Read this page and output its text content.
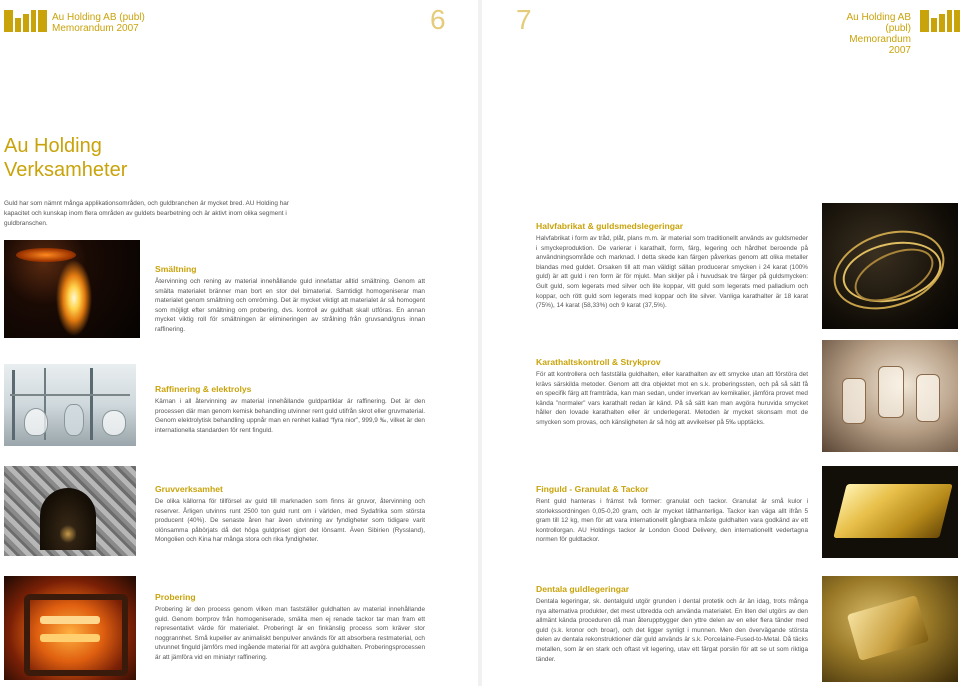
Au Holding AB (publ)
Memorandum 2007	6
Au Holding
Verksamheter
Guld har som nämnt många applikationsområden, och guldbranchen är mycket bred. AU Holding har kapacitet och kunskap inom flera områden av guldets bearbetning och är aktivt inom olika segment i guldbranschen.
Smältning

Återvinning och rening av material innehållande guld innefattar alltid smältning. Genom att smälta materialet bränner man bort en stor del bimaterial. Samtidigt homogeniserar man materialet genom smältning och omrörning. Det är mycket viktigt att materialet är så homogent som möjligt efter smältning om probering, dvs. kontroll av guldhalt skall utföras. En annan mycket viktig roll för smältningen är elimineringen av strålning från gruvsand/grus innan raffinering.

Raffinering & elektrolys

Kärnan i all återvinning av material innehållande guldpartiklar är raffinering. Det är den processen där man genom kemisk behandling utvinner rent guld utifrån skrot eller gruvmaterial. Genom elektrolytisk behandling uppnår man en renhet kallad “fyra nior”, 999,9 ‰, vilket är den internationella standarden för rent finguld.

Gruvverksamhet

De olika källorna för tillförsel av guld till marknaden som finns är gruvor, återvinning och reserver. Årligen utvinns runt 2500 ton guld runt om i världen, med Sydafrika som största producent (40%). De senaste åren har även utvinning av fyndigheter som tidigare varit olönsamma påbörjats då det höga guldpriset gjort det lönsamt. Även Sibirien (Ryssland), Mongolien och Kina har många stora och rika fyndigheter.

Probering

Probering är den process genom vilken man fastställer guldhalten av material innehållande guld. Genom borrprov från homogeniserade, smälta men ej renade tackor tar man fram ett representativt värde för materialet. Proberingt är en finkänslig process som kräver stor noggrannhet. Små kupeller av animaliskt benpulver används för att absorbera restmaterial, och utvunnet finguld jämförs med ingående material för att avgöra guldhalten. Proberingsprocessen är att jämföra vid en miniatyr raffinering.

7	Au Holding AB (publ)
Memorandum 2007
Halvfabrikat & guldsmedslegeringar

Halvfabrikat i form av tråd, plåt, plans m.m. är material som traditionellt används av guldsmeder i smyckeproduktion. De varierar i karathalt, form, färg, legering och hårdhet beroende på användningsområde och marknad. I detta skede kan färgen påverkas genom att olika metaller blandas med guldet. Orsaken till att man väldigt sällan producerar smycken i 24 karat (100% guld) är att guld i ren form är för mjukt. Man skiljer på i huvudsak tre färger på guldsmycken: Gult guld, som legerats med silver och lite koppar, vitt guld som legerats med palladium och koppar, och rött guld som legerats med koppar och lite silver. Vanliga karathalter är 18 karat (75%), 14 karat (58,33%) och 9 karat (37,5%).

Karathaltskontroll & Strykprov

För att kontrollera och fastställa guldhalten, eller karathalten av ett smycke utan att förstöra det krävs särskilda metoder. Genom att dra objektet mot en s.k. proberingssten, och på så sätt få en specifik färg att framträda, kan man sedan, under inverkan av kemikalier, jämföra provet med kända ”normaler” vars karathalt redan är känd. På så sätt kan man avgöra huruvida smycket håller den lovade karathalten eller är underlegerat. Metoden är mycket skonsam mot de smycken som provas, och känsligheten är så hög att avvikelser på 5‰ upptäcks.

Finguld - Granulat & Tackor

Rent guld hanteras i främst två former: granulat och tackor. Granulat är små kulor i storlekssordningen 0,05-0,20 gram, och är mycket lätthanterliga. Tackor kan väga allt ifrån 5 gram till 12 kg, men för att vara internationellt gångbara måste guldhalten vara godkänd av ett kontrollorgan. AU Holdings tackor är London Good Delivery, den internationellt vedertagna normen för guldtackor.

Dentala guldlegeringar

Dentala legeringar, sk. dentalguld utgör grunden i dental protetik och är än idag, trots många nya alternativa produkter, det mest utbredda och använda materialet. En liten del utgörs av den allmänt kända proceduren då man återuppbygger den yttre delen av en eller flera tänder med guld (s.k. kronor och broar), och det ligger synligt i munnen. Men den övervägande största delen av dentala rekonstruktioner där guld används är s.k. Porcelaine-Fused-to-Metal. Då täcks metallen, som är en stark och oftast vit legering, utav ett färgat porslin för att se ut som riktiga tänder.
